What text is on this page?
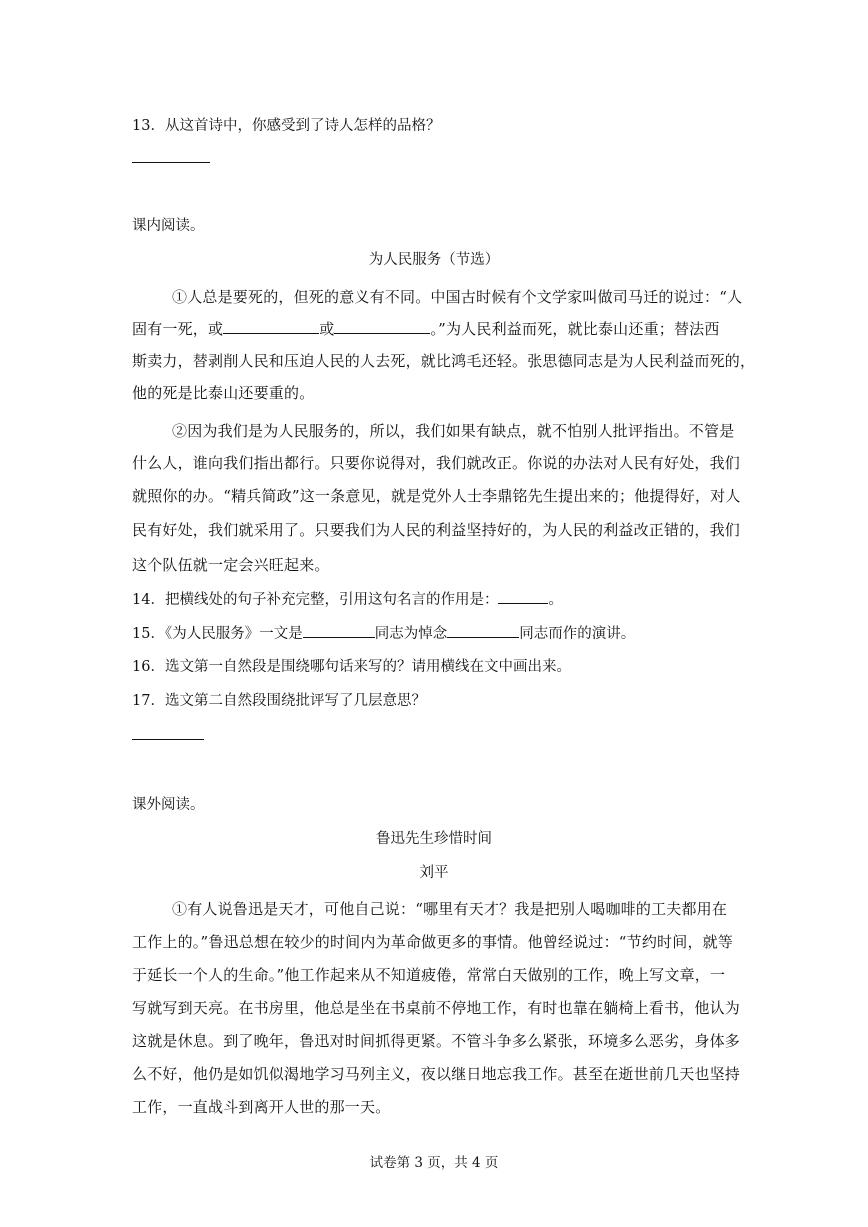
13．从这首诗中，你感受到了诗人怎样的品格？
课内阅读。
为人民服务（节选）
①人总是要死的，但死的意义有不同。中国古时候有个文学家叫做司马迁的说过：“人
固有一死，或	或	。”为人民利益而死，就比泰山还重；替法西
斯卖力，替剥削人民和压迫人民的人去死，就比鸿毛还轻。张思德同志是为人民利益而死的，
他的死是比泰山还要重的。
②因为我们是为人民服务的，所以，我们如果有缺点，就不怕别人批评指出。不管是
什么人，谁向我们指出都行。只要你说得对，我们就改正。你说的办法对人民有好处，我们
就照你的办。“精兵简政”这一条意见，就是党外人士李鼎铭先生提出来的；他提得好，对人
民有好处，我们就采用了。只要我们为人民的利益坚持好的，为人民的利益改正错的，我们
这个队伍就一定会兴旺起来。
14．把横线处的句子补充完整，引用这句名言的作用是：	。
15．《为人民服务》一文是	同志为悼念	同志而作的演讲。
16．选文第一自然段是围绕哪句话来写的？请用横线在文中画出来。
17．选文第二自然段围绕批评写了几层意思？
课外阅读。
鲁迅先生珍惜时间
刘平
①有人说鲁迅是天才，可他自己说：“哪里有天才？我是把别人喝咖啡的工夫都用在
工作上的。”鲁迅总想在较少的时间内为革命做更多的事情。他曾经说过：“节约时间，就等
于延长一个人的生命。”他工作起来从不知道疲倦，常常白天做别的工作，晚上写文章，一
写就写到天亮。在书房里，他总是坐在书桌前不停地工作，有时也靠在躺椅上看书，他认为
这就是休息。到了晚年，鲁迅对时间抓得更紧。不管斗争多么紧张，环境多么恶劣，身体多
么不好，他仍是如饥似渴地学习马列主义，夜以继日地忘我工作。甚至在逝世前几天也坚持
工作，一直战斗到离开人世的那一天。
试卷第 3 页，共 4 页
